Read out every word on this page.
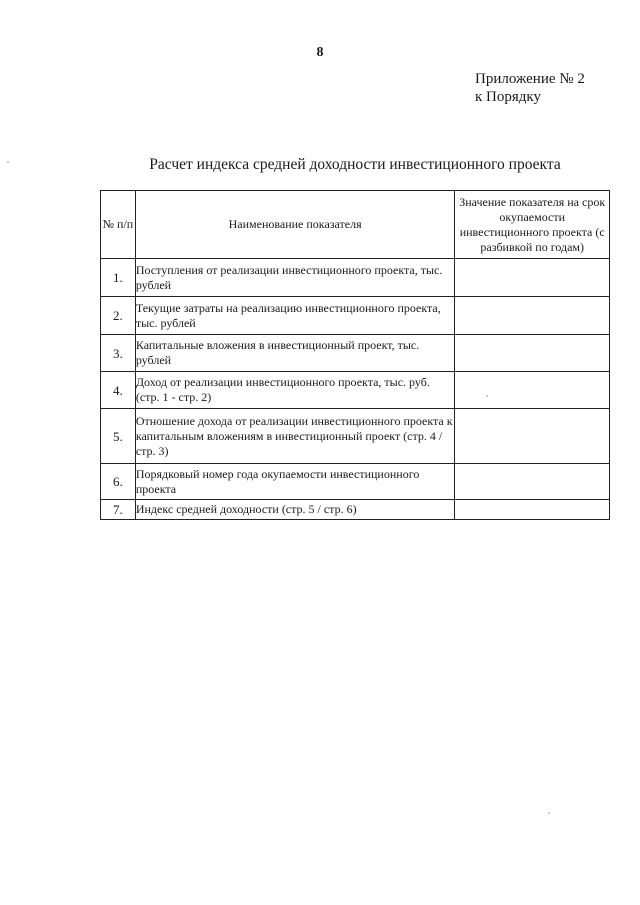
8
Приложение № 2
к Порядку
Расчет индекса средней доходности инвестиционного проекта
№ п/п	Наименование показателя	Значение показателя на срок окупаемости инвестиционного проекта (с разбивкой по годам)
1.	Поступления от реализации инвестиционного проекта, тыс. рублей	
2.	Текущие затраты на реализацию инвестиционного проекта, тыс. рублей	
3.	Капитальные вложения в инвестиционный проект, тыс. рублей	
4.	Доход от реализации инвестиционного проекта, тыс. руб. (стр. 1 - стр. 2)	
5.	Отношение дохода от реализации инвестиционного проекта к капитальным вложениям в инвестиционный проект (стр. 4 / стр. 3)	
6.	Порядковый номер года окупаемости инвестиционного проекта	
7.	Индекс средней доходности (стр. 5 / стр. 6)	
